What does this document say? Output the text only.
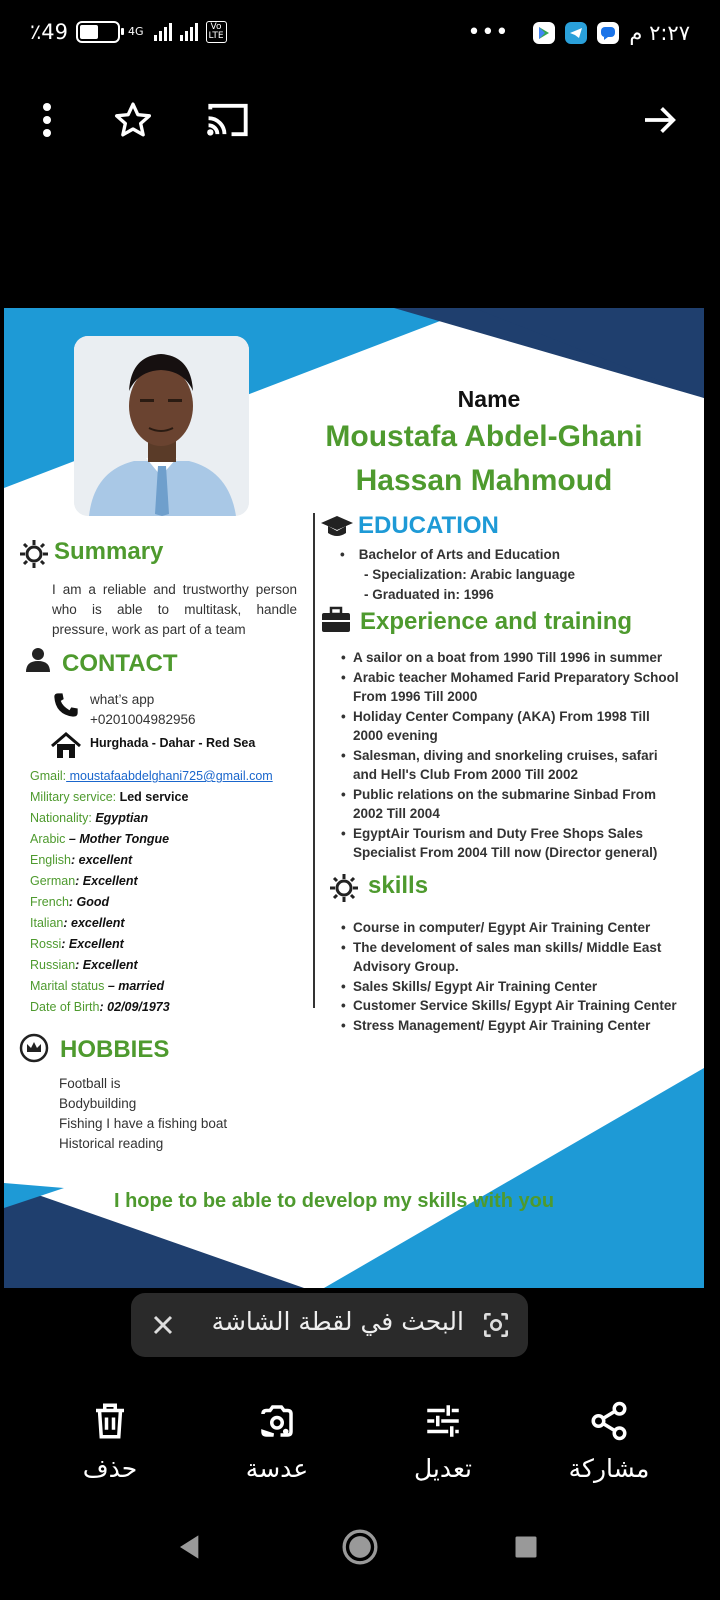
٪49	4G	Vo
LTE	•••	٢:٢٧ م
Name
Moustafa Abdel-Ghani
Hassan Mahmoud
Summary
I am a reliable and trustworthy person who is able to multitask, handle pressure, work as part of a team
CONTACT
what’s app
+0201004982956
Hurghada - Dahar - Red Sea
Gmail: moustafaabdelghani725@gmail.com
Military service: Led service
Nationality: Egyptian
Arabic – Mother Tongue
English: excellent
German: Excellent
French: Good
Italian: excellent
Rossi: Excellent
Russian: Excellent
Marital status – married
Date of Birth: 02/09/1973
HOBBIES
Football is
Bodybuilding
Fishing I have a fishing boat
Historical reading
EDUCATION
• Bachelor of Arts and Education
- Specialization: Arabic language
- Graduated in: 1996
Experience and training
• A sailor on a boat from 1990 Till 1996 in summer
• Arabic teacher Mohamed Farid Preparatory School From 1996 Till 2000
• Holiday Center Company (AKA) From 1998 Till 2000 evening
• Salesman, diving and snorkeling cruises, safari and Hell's Club From 2000 Till 2002
• Public relations on the submarine Sinbad From 2002 Till 2004
• EgyptAir Tourism and Duty Free Shops Sales Specialist From 2004 Till now (Director general)
skills
• Course in computer/ Egypt Air Training Center
• The develoment of sales man skills/ Middle East Advisory Group.
• Sales Skills/ Egypt Air Training Center
• Customer Service Skills/ Egypt Air Training Center
• Stress Management/ Egypt Air Training Center
I hope to be able to develop my skills with you
البحث في لقطة الشاشة
مشاركة
تعديل
عدسة
حذف
